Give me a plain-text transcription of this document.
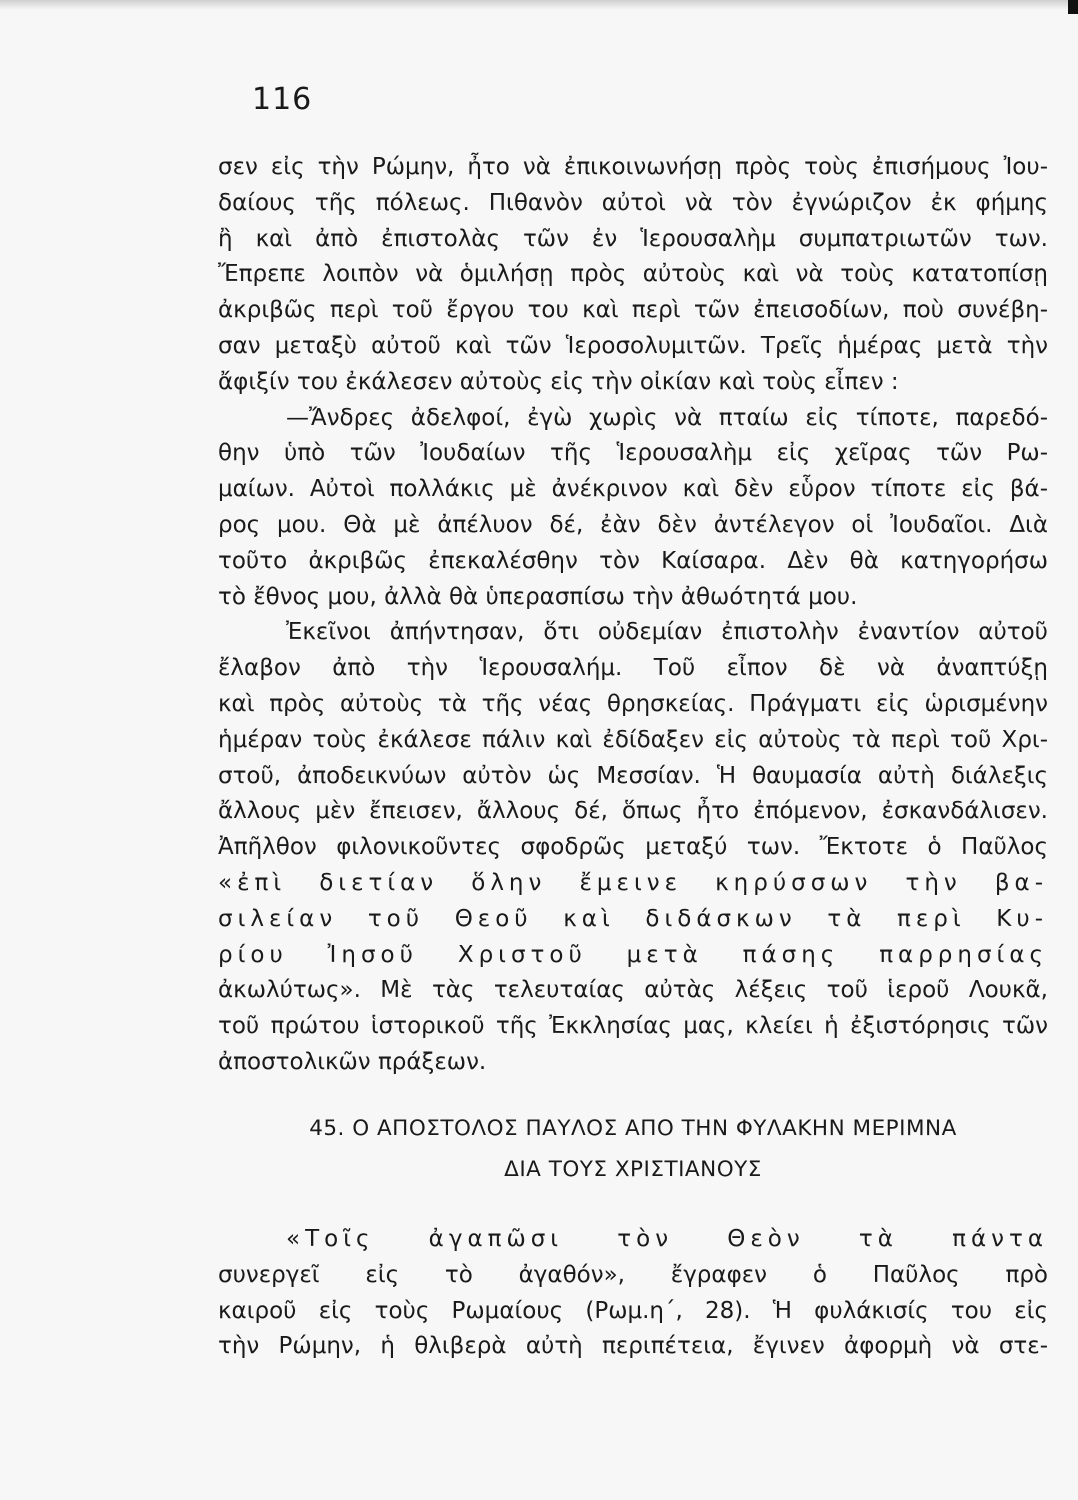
116
σεν εἰς τὴν Ρώμην, ἦτο νὰ ἐπικοινωνήσῃ πρὸς τοὺς ἐπισήμους Ἰου-
δαίους τῆς πόλεως. Πιθανὸν αὐτοὶ νὰ τὸν ἐγνώριζον ἐκ φήμης
ἢ καὶ ἀπὸ ἐπιστολὰς τῶν ἐν Ἱερουσαλὴμ συμπατριωτῶν των.
Ἔπρεπε λοιπὸν νὰ ὁμιλήσῃ πρὸς αὐτοὺς καὶ νὰ τοὺς κατατοπίσῃ
ἀκριβῶς περὶ τοῦ ἔργου του καὶ περὶ τῶν ἐπεισοδίων, ποὺ συνέβη-
σαν μεταξὺ αὐτοῦ καὶ τῶν Ἱεροσολυμιτῶν. Τρεῖς ἡμέρας μετὰ τὴν
ἄφιξίν του ἐκάλεσεν αὐτοὺς εἰς τὴν οἰκίαν καὶ τοὺς εἶπεν :
—Ἄνδρες ἀδελφοί, ἐγὼ χωρὶς νὰ πταίω εἰς τίποτε, παρεδό-
θην ὑπὸ τῶν Ἰουδαίων τῆς Ἱερουσαλὴμ εἰς χεῖρας τῶν Ρω-
μαίων. Αὐτοὶ πολλάκις μὲ ἀνέκρινον καὶ δὲν εὗρον τίποτε εἰς βά-
ρος μου. Θὰ μὲ ἀπέλυον δέ, ἐὰν δὲν ἀντέλεγον οἱ Ἰουδαῖοι. Διὰ
τοῦτο ἀκριβῶς ἐπεκαλέσθην τὸν Καίσαρα. Δὲν θὰ κατηγορήσω
τὸ ἔθνος μου, ἀλλὰ θὰ ὑπερασπίσω τὴν ἀθωότητά μου.
Ἐκεῖνοι ἀπήντησαν, ὅτι οὐδεμίαν ἐπιστολὴν ἐναντίον αὐτοῦ
ἔλαβον ἀπὸ τὴν Ἱερουσαλήμ. Τοῦ εἶπον δὲ νὰ ἀναπτύξῃ
καὶ πρὸς αὐτοὺς τὰ τῆς νέας θρησκείας. Πράγματι εἰς ὡρισμένην
ἡμέραν τοὺς ἐκάλεσε πάλιν καὶ ἐδίδαξεν εἰς αὐτοὺς τὰ περὶ τοῦ Χρι-
στοῦ, ἀποδεικνύων αὐτὸν ὡς Μεσσίαν. Ἡ θαυμασία αὐτὴ διάλεξις
ἄλλους μὲν ἔπεισεν, ἄλλους δέ, ὅπως ἦτο ἐπόμενον, ἐσκανδάλισεν.
Ἀπῆλθον φιλονικοῦντες σφοδρῶς μεταξύ των. Ἔκτοτε ὁ Παῦλος
«ἐπὶ διετίαν ὅλην ἔμεινε κηρύσσων τὴν βα-
σιλείαν τοῦ Θεοῦ καὶ διδάσκων τὰ περὶ Κυ-
ρίου Ἰησοῦ Χριστοῦ μετὰ πάσης παρρησίας
ἀκωλύτως». Μὲ τὰς τελευταίας αὐτὰς λέξεις τοῦ ἱεροῦ Λουκᾶ,
τοῦ πρώτου ἱστορικοῦ τῆς Ἐκκλησίας μας, κλείει ἡ ἐξιστόρησις τῶν
ἀποστολικῶν πράξεων.
45. Ο ΑΠΟΣΤΟΛΟΣ ΠΑΥΛΟΣ ΑΠΟ ΤΗΝ ΦΥΛΑΚΗΝ ΜΕΡΙΜΝΑ
ΔΙΑ ΤΟΥΣ ΧΡΙΣΤΙΑΝΟΥΣ
«Τοῖς ἀγαπῶσι τὸν Θεὸν τὰ πάντα
συνεργεῖ εἰς τὸ ἀγαθόν», ἔγραφεν ὁ Παῦλος πρὸ
καιροῦ εἰς τοὺς Ρωμαίους (Ρωμ.η΄, 28). Ἡ φυλάκισίς του εἰς
τὴν Ρώμην, ἡ θλιβερὰ αὐτὴ περιπέτεια, ἔγινεν ἀφορμὴ νὰ στε-
